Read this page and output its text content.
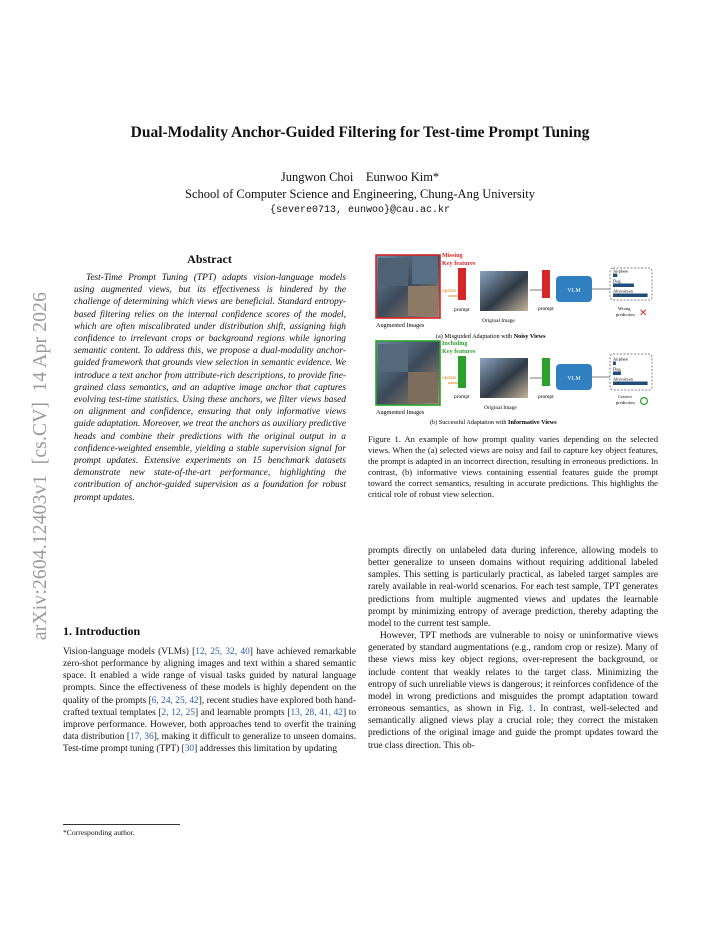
Dual-Modality Anchor-Guided Filtering for Test-time Prompt Tuning
Jungwon Choi    Eunwoo Kim*
School of Computer Science and Engineering, Chung-Ang University
{severe0713, eunwoo}@cau.ac.kr
arXiv:2604.12403v1  [cs.CV]  14 Apr 2026
Abstract

Test-Time Prompt Tuning (TPT) adapts vision-language models using augmented views, but its effectiveness is hindered by the challenge of determining which views are beneficial. Standard entropy-based filtering relies on the internal confidence scores of the model, which are often miscalibrated under distribution shift, assigning high confidence to irrelevant crops or background regions while ignoring semantic content. To address this, we propose a dual-modality anchor-guided framework that grounds view selection in semantic evidence. We introduce a text anchor from attribute-rich descriptions, to provide fine-grained class semantics, and an adaptive image anchor that captures evolving test-time statistics. Using these anchors, we filter views based on alignment and confidence, ensuring that only informative views guide adaptation. Moreover, we treat the anchors as auxiliary predictive heads and combine their predictions with the original output in a confidence-weighted ensemble, yielding a stable supervision signal for prompt updates. Extensive experiments on 15 benchmark datasets demonstrate new state-of-the-art performance, highlighting the contribution of anchor-guided supervision as a foundation for robust prompt updates.

1. Introduction

Vision-language models (VLMs) [12, 25, 32, 40] have achieved remarkable zero-shot performance by aligning images and text within a shared semantic space. It enabled a wide range of visual tasks guided by natural language prompts. Since the effectiveness of these models is highly dependent on the quality of the prompts [6, 24, 25, 42], recent studies have explored both hand-crafted textual templates [2, 12, 25] and learnable prompts [13, 28, 41, 42] to improve performance. However, both approaches tend to overfit the training data distribution [17, 36], making it difficult to generalize to unseen domains. Test-time prompt tuning (TPT) [30] addresses this limitation by updating

*Corresponding author.
Augmented Images
Missing
Key features
update
prompt
Original Image
prompt
VLM
Airplane
Dog
Abyssinian
Wrong
prediction ✕
(a) Misguided Adaptation with Noisy Views
Augmented Images
Including
Key features
update
prompt
Original Image
prompt
VLM
Airplane
Dog
Abyssinian
Correct
prediction
(b) Successful Adaptation with Informative Views
Figure 1. An example of how prompt quality varies depending on the selected views. When the (a) selected views are noisy and fail to capture key object features, the prompt is adapted in an incorrect direction, resulting in erroneous predictions. In contrast, (b) informative views containing essential features guide the prompt toward the correct semantics, resulting in accurate predictions. This highlights the critical role of robust view selection.

prompts directly on unlabeled data during inference, allowing models to better generalize to unseen domains without requiring additional labeled samples. This setting is particularly practical, as labeled target samples are rarely available in real-world scenarios. For each test sample, TPT generates predictions from multiple augmented views and updates the learnable prompt by minimizing entropy of average prediction, thereby adapting the model to the current test sample.

However, TPT methods are vulnerable to noisy or uninformative views generated by standard augmentations (e.g., random crop or resize). Many of these views miss key object regions, over-represent the background, or include content that weakly relates to the target class. Minimizing the entropy of such unreliable views is dangerous; it reinforces confidence of the model in wrong predictions and misguides the prompt adaptation toward erroneous semantics, as shown in Fig. 1. In contrast, well-selected and semantically aligned views play a crucial role; they correct the mistaken predictions of the original image and guide the prompt updates toward the true class direction. This ob-
